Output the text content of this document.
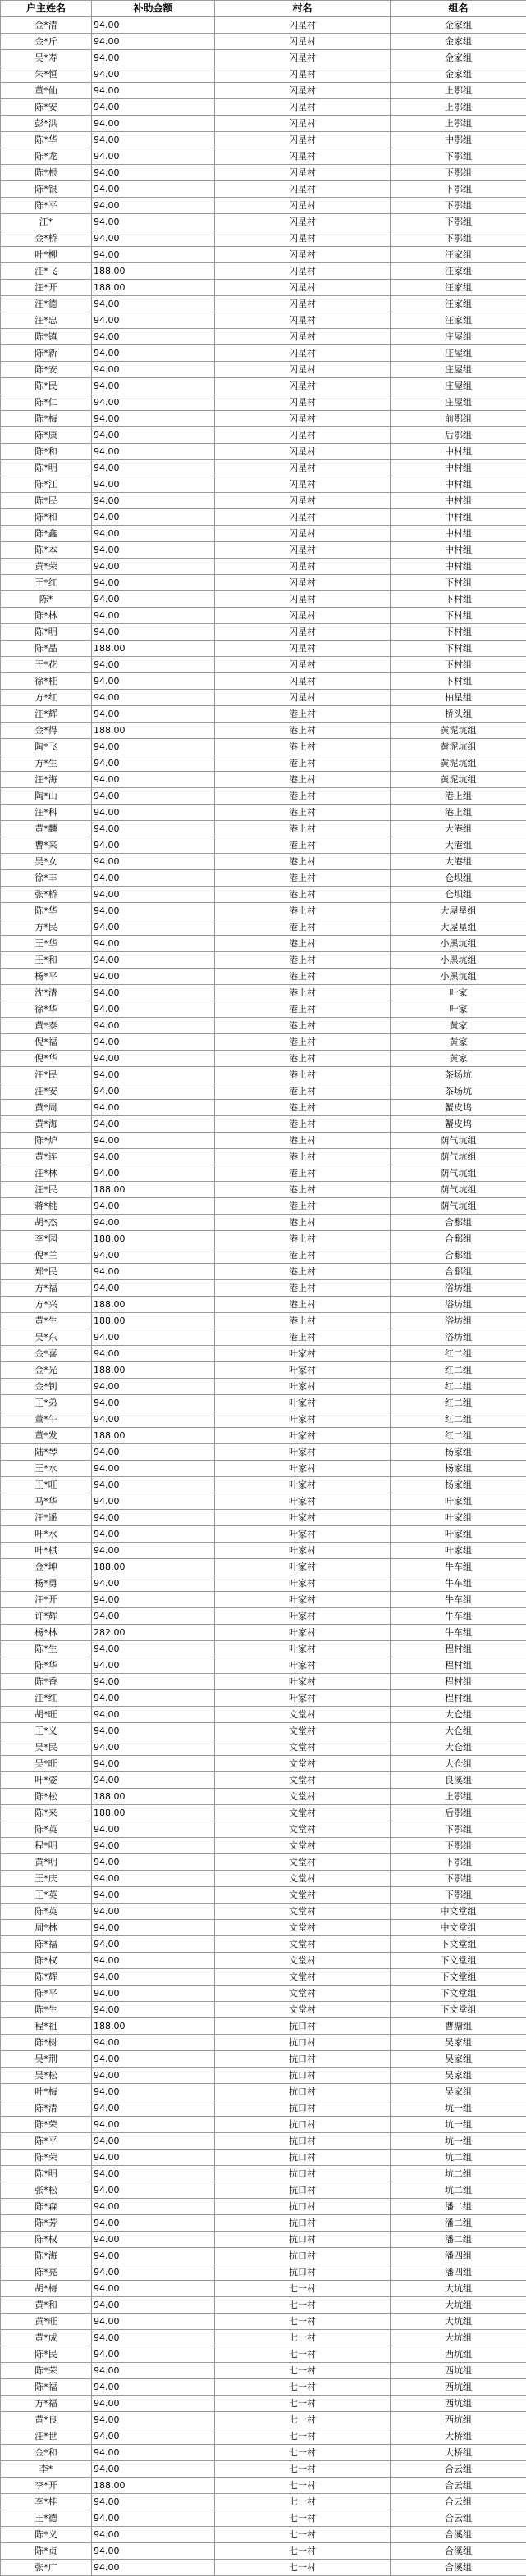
户主姓名	补助金额	村名	组名
金*清	94.00	闪星村	金家组
金*斤	94.00	闪星村	金家组
吴*寿	94.00	闪星村	金家组
朱*恒	94.00	闪星村	金家组
董*仙	94.00	闪星村	上鄂组
陈*安	94.00	闪星村	上鄂组
彭*洪	94.00	闪星村	上鄂组
陈*华	94.00	闪星村	中鄂组
陈*龙	94.00	闪星村	下鄂组
陈*根	94.00	闪星村	下鄂组
陈*银	94.00	闪星村	下鄂组
陈*平	94.00	闪星村	下鄂组
江*	94.00	闪星村	下鄂组
金*桥	94.00	闪星村	下鄂组
叶*柳	94.00	闪星村	汪家组
汪*飞	188.00	闪星村	汪家组
汪*开	188.00	闪星村	汪家组
汪*德	94.00	闪星村	汪家组
汪*忠	94.00	闪星村	汪家组
陈*镇	94.00	闪星村	庄屋组
陈*新	94.00	闪星村	庄屋组
陈*安	94.00	闪星村	庄屋组
陈*民	94.00	闪星村	庄屋组
陈*仁	94.00	闪星村	庄屋组
陈*梅	94.00	闪星村	前鄂组
陈*康	94.00	闪星村	后鄂组
陈*和	94.00	闪星村	中村组
陈*明	94.00	闪星村	中村组
陈*江	94.00	闪星村	中村组
陈*民	94.00	闪星村	中村组
陈*和	94.00	闪星村	中村组
陈*鑫	94.00	闪星村	中村组
陈*本	94.00	闪星村	中村组
黄*荣	94.00	闪星村	中村组
王*红	94.00	闪星村	下村组
陈*	94.00	闪星村	下村组
陈*林	94.00	闪星村	下村组
陈*明	94.00	闪星村	下村组
陈*晶	188.00	闪星村	下村组
王*花	94.00	闪星村	下村组
徐*桂	94.00	闪星村	下村组
方*红	94.00	闪星村	柏星组
汪*辉	94.00	港上村	桥头组
金*得	188.00	港上村	黄泥坑组
陶*飞	94.00	港上村	黄泥坑组
方*生	94.00	港上村	黄泥坑组
汪*海	94.00	港上村	黄泥坑组
陶*山	94.00	港上村	港上组
汪*科	94.00	港上村	港上组
黄*麟	94.00	港上村	大港组
曹*来	94.00	港上村	大港组
吴*女	94.00	港上村	大港组
徐*丰	94.00	港上村	仓坝组
张*桥	94.00	港上村	仓坝组
陈*华	94.00	港上村	大屋星组
方*民	94.00	港上村	大屋星组
王*华	94.00	港上村	小黑坑组
王*和	94.00	港上村	小黑坑组
杨*平	94.00	港上村	小黑坑组
沈*清	94.00	港上村	叶家
徐*华	94.00	港上村	叶家
黄*泰	94.00	港上村	黄家
倪*福	94.00	港上村	黄家
倪*华	94.00	港上村	黄家
汪*民	94.00	港上村	茶场坑
汪*安	94.00	港上村	茶场坑
黄*周	94.00	港上村	蟹皮坞
黄*海	94.00	港上村	蟹皮坞
陈*炉	94.00	港上村	荫气坑组
黄*连	94.00	港上村	荫气坑组
汪*林	94.00	港上村	荫气坑组
汪*民	188.00	港上村	荫气坑组
蒋*桃	94.00	港上村	荫气坑组
胡*杰	94.00	港上村	合鄱组
李*园	188.00	港上村	合鄱组
倪*兰	94.00	港上村	合鄱组
郑*民	94.00	港上村	合鄱组
方*福	94.00	港上村	浴坊组
方*兴	188.00	港上村	浴坊组
黄*生	188.00	港上村	浴坊组
吴*东	94.00	港上村	浴坊组
金*喜	94.00	叶家村	红二组
金*光	188.00	叶家村	红二组
金*钊	94.00	叶家村	红二组
王*弟	94.00	叶家村	红二组
董*午	94.00	叶家村	红二组
董*发	188.00	叶家村	红二组
陆*琴	94.00	叶家村	杨家组
王*水	94.00	叶家村	杨家组
王*旺	94.00	叶家村	杨家组
马*华	94.00	叶家村	叶家组
汪*遥	94.00	叶家村	叶家组
叶*水	94.00	叶家村	叶家组
叶*棋	94.00	叶家村	叶家组
金*坤	188.00	叶家村	牛车组
杨*勇	94.00	叶家村	牛车组
汪*开	94.00	叶家村	牛车组
许*辉	94.00	叶家村	牛车组
杨*林	282.00	叶家村	牛车组
陈*生	94.00	叶家村	程村组
陈*华	94.00	叶家村	程村组
陈*香	94.00	叶家村	程村组
汪*红	94.00	叶家村	程村组
胡*旺	94.00	文堂村	大仓组
王*义	94.00	文堂村	大仓组
吴*民	94.00	文堂村	大仓组
吴*旺	94.00	文堂村	大仓组
叶*姿	94.00	文堂村	良溪组
陈*松	188.00	文堂村	上鄂组
陈*来	188.00	文堂村	后鄂组
陈*英	94.00	文堂村	下鄂组
程*明	94.00	文堂村	下鄂组
黄*明	94.00	文堂村	下鄂组
王*庆	94.00	文堂村	下鄂组
王*英	94.00	文堂村	下鄂组
陈*英	94.00	文堂村	中文堂组
周*林	94.00	文堂村	中文堂组
陈*福	94.00	文堂村	下文堂组
陈*权	94.00	文堂村	下文堂组
陈*辉	94.00	文堂村	下文堂组
陈*平	94.00	文堂村	下文堂组
陈*生	94.00	文堂村	下文堂组
程*祖	188.00	抗口村	曹塘组
陈*树	94.00	抗口村	吴家组
吴*荆	94.00	抗口村	吴家组
吴*松	94.00	抗口村	吴家组
叶*梅	94.00	抗口村	吴家组
陈*清	94.00	抗口村	坑一组
陈*荣	94.00	抗口村	坑一组
陈*平	94.00	抗口村	坑一组
陈*荣	94.00	抗口村	坑二组
陈*明	94.00	抗口村	坑二组
张*松	94.00	抗口村	坑二组
陈*森	94.00	抗口村	潘二组
陈*芳	94.00	抗口村	潘二组
陈*权	94.00	抗口村	潘二组
陈*海	94.00	抗口村	潘四组
陈*亮	94.00	抗口村	潘四组
胡*梅	94.00	七一村	大坑组
黄*和	94.00	七一村	大坑组
黄*旺	94.00	七一村	大坑组
黄*成	94.00	七一村	大坑组
陈*民	94.00	七一村	西坑组
陈*荣	94.00	七一村	西坑组
陈*福	94.00	七一村	西坑组
方*福	94.00	七一村	西坑组
黄*良	94.00	七一村	西坑组
汪*世	94.00	七一村	大桥组
金*和	94.00	七一村	大桥组
李*	94.00	七一村	合云组
李*开	188.00	七一村	合云组
李*桂	94.00	七一村	合云组
王*德	94.00	七一村	合云组
陈*义	94.00	七一村	合溪组
陈*贞	94.00	七一村	合溪组
张*广	94.00	七一村	合溪组
